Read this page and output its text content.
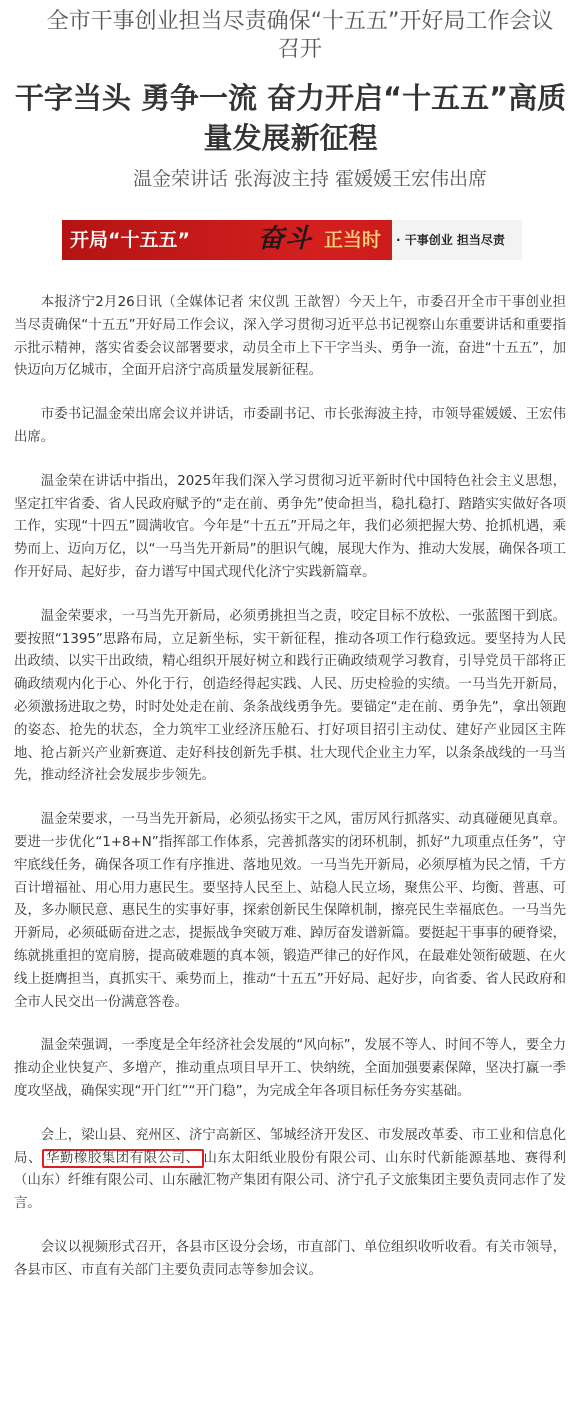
全市干事创业担当尽责确保“十五五”开好局工作会议召开
干字当头 勇争一流 奋力开启“十五五”高质量发展新征程
温金荣讲话 张海波主持 霍媛媛王宏伟出席
开局“十五五”	奋斗 正当时 · 干事创业 担当尽责

本报济宁2月26日讯（全媒体记者 宋仪凯 王歆智）今天上午，市委召开全市干事创业担当尽责确保“十五五”开好局工作会议，深入学习贯彻习近平总书记视察山东重要讲话和重要指示批示精神，落实省委会议部署要求，动员全市上下干字当头、勇争一流，奋进“十五五”，加快迈向万亿城市，全面开启济宁高质量发展新征程。

市委书记温金荣出席会议并讲话，市委副书记、市长张海波主持，市领导霍媛媛、王宏伟出席。

温金荣在讲话中指出，2025年我们深入学习贯彻习近平新时代中国特色社会主义思想，坚定扛牢省委、省人民政府赋予的“走在前、勇争先”使命担当，稳扎稳打、踏踏实实做好各项工作，实现“十四五”圆满收官。今年是“十五五”开局之年，我们必须把握大势、抢抓机遇，乘势而上、迈向万亿，以“一马当先开新局”的胆识气魄，展现大作为、推动大发展，确保各项工作开好局、起好步，奋力谱写中国式现代化济宁实践新篇章。

温金荣要求，一马当先开新局，必须勇挑担当之责，咬定目标不放松、一张蓝图干到底。要按照“1395”思路布局，立足新坐标，实干新征程，推动各项工作行稳致远。要坚持为人民出政绩、以实干出政绩，精心组织开展好树立和践行正确政绩观学习教育，引导党员干部将正确政绩观内化于心、外化于行，创造经得起实践、人民、历史检验的实绩。一马当先开新局，必须激扬进取之势，时时处处走在前、条条战线勇争先。要锚定“走在前、勇争先”，拿出领跑的姿态、抢先的状态，全力筑牢工业经济压舱石、打好项目招引主动仗、建好产业园区主阵地、抢占新兴产业新赛道、走好科技创新先手棋、壮大现代企业主力军，以条条战线的一马当先，推动经济社会发展步步领先。

温金荣要求，一马当先开新局，必须弘扬实干之风，雷厉风行抓落实、动真碰硬见真章。要进一步优化“1+8+N”指挥部工作体系，完善抓落实的闭环机制，抓好“九项重点任务”，守牢底线任务，确保各项工作有序推进、落地见效。一马当先开新局，必须厚植为民之情，千方百计增福祉、用心用力惠民生。要坚持人民至上、站稳人民立场，聚焦公平、均衡、普惠、可及，多办顺民意、惠民生的实事好事，探索创新民生保障机制，擦亮民生幸福底色。一马当先开新局，必须砥砺奋进之志，提振战争突破万难、踔厉奋发谱新篇。要挺起干事事的硬脊梁，练就挑重担的宽肩膀，提高破难题的真本领，锻造严律己的好作风，在最难处领衔破题、在火线上挺膺担当，真抓实干、乘势而上，推动“十五五”开好局、起好步，向省委、省人民政府和全市人民交出一份满意答卷。

温金荣强调，一季度是全年经济社会发展的“风向标”，发展不等人、时间不等人，要全力推动企业快复产、多增产，推动重点项目早开工、快纳统，全面加强要素保障，坚决打赢一季度攻坚战，确保实现“开门红”“开门稳”，为完成全年各项目标任务夯实基础。

会上，梁山县、兖州区、济宁高新区、邹城经济开发区、市发展改革委、市工业和信息化局、 华勤橡胶集团有限公司、 山东太阳纸业股份有限公司、山东时代新能源基地、赛得利（山东）纤维有限公司、山东融汇物产集团有限公司、济宁孔子文旅集团主要负责同志作了发言。

会议以视频形式召开，各县市区设分会场，市直部门、单位组织收听收看。有关市领导，各县市区、市直有关部门主要负责同志等参加会议。
